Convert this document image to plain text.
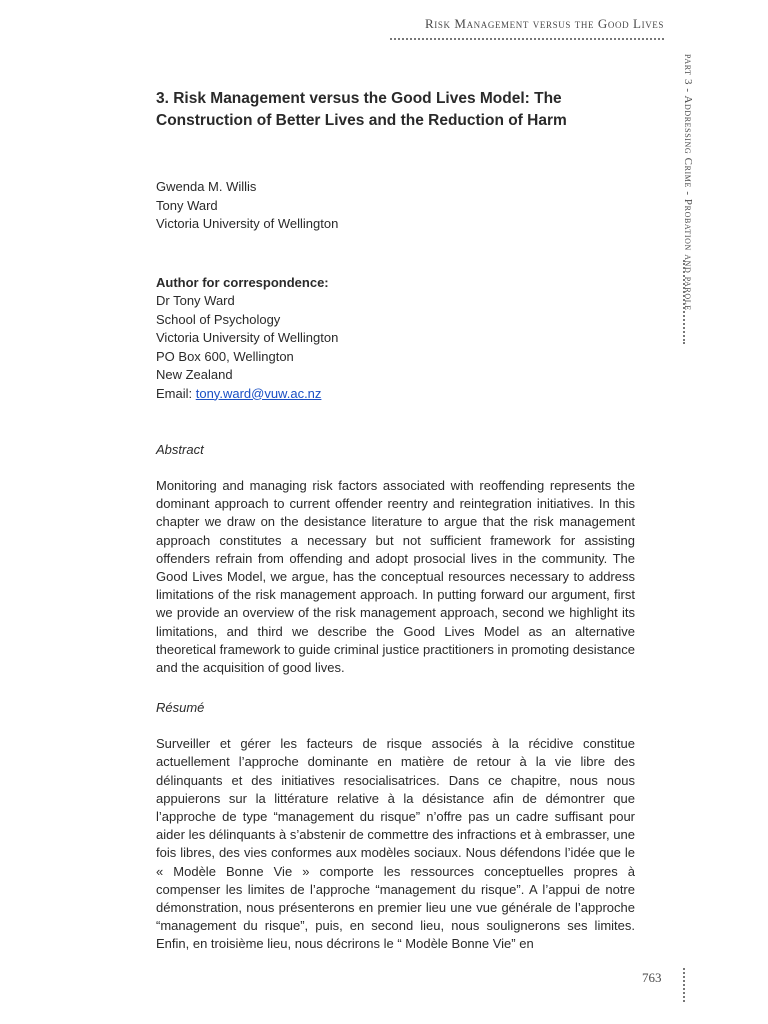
Risk Management versus the Good Lives
part 3 - Addressing Crime - Probation and parole
3. Risk Management versus the Good Lives Model: The Construction of Better Lives and the Reduction of Harm
Gwenda M. Willis
Tony Ward
Victoria University of Wellington
Author for correspondence:
Dr Tony Ward
School of Psychology
Victoria University of Wellington
PO Box 600, Wellington
New Zealand
Email: tony.ward@vuw.ac.nz
Abstract
Monitoring and managing risk factors associated with reoffending represents the dominant approach to current offender reentry and reintegration initiatives. In this chapter we draw on the desistance literature to argue that the risk management approach constitutes a necessary but not sufficient framework for assisting offenders refrain from offending and adopt prosocial lives in the community. The Good Lives Model, we argue, has the conceptual resources necessary to address limitations of the risk management approach. In putting forward our argument, first we provide an overview of the risk management approach, second we highlight its limitations, and third we describe the Good Lives Model as an alternative theoretical framework to guide criminal justice practitioners in promoting desistance and the acquisition of good lives.
Résumé
Surveiller et gérer les facteurs de risque associés à la récidive constitue actuellement l’approche dominante en matière de retour à la vie libre des délinquants et des initiatives resocialisatrices. Dans ce chapitre, nous nous appuierons sur la littérature relative à la désistance afin de démontrer que l’approche de type “management du risque” n’offre pas un cadre suffisant pour aider les délinquants à s’abstenir de commettre des infractions et à embrasser, une fois libres, des vies conformes aux modèles sociaux. Nous défendons l’idée que le « Modèle Bonne Vie » comporte les ressources conceptuelles propres à compenser les limites de l’approche “management du risque”. A l’appui de notre démonstration, nous présenterons en premier lieu une vue générale de l’approche “management du risque”, puis, en second lieu, nous soulignerons ses limites. Enfin, en troisième lieu, nous décrirons le “ Modèle Bonne Vie” en
763
